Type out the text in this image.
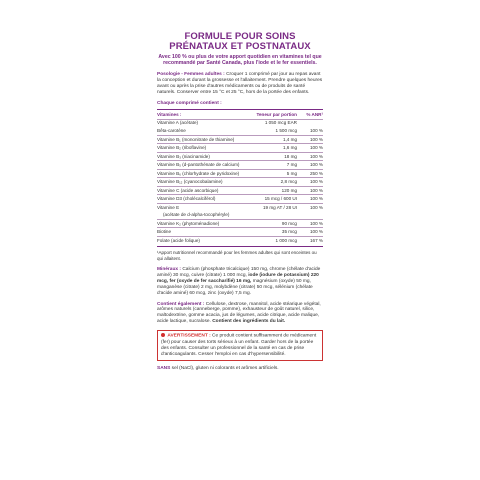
FORMULE POUR SOINS
PRÉNATAUX ET POSTNATAUX
Avec 100 % ou plus de votre apport quotidien en vitamines tel que recommandé par Santé Canada, plus l'iode et le fer essentiels.
Posologie - Femmes adultes : Croquer 1 comprimé par jour au repas avant la conception et durant la grossesse et l'allaitement. Prendre quelques heures avant ou après la prise d'autres médicaments ou de produits de santé naturels. Conserver entre 15 °C et 25 °C, hors de la portée des enfants.
Chaque comprimé contient :
Vitamines :	Teneur par portion	% ANR¹
Vitamine A (acétate)	1 050 mcg EAR	
Bêta-carotène	1 500 mcg	100 %
Vitamine B₁ (mononitrate de thiamine)	1,4 mg	100 %
Vitamine B₂ (riboflavine)	1,6 mg	100 %
Vitamine B₃ (niacinamide)	18 mg	100 %
Vitamine B₅ (d-pantothénate de calcium)	7 mg	100 %
Vitamine B₆ (chlorhydrate de pyridoxine)	5 mg	250 %
Vitamine B₁₂ (cyanocobalamine)	2,8 mcg	100 %
Vitamine C (acide ascorbique)	120 mg	100 %
Vitamine D3 (cholécalciférol)	15 mcg / 600 UI	100 %
Vitamine E	19 mg AT / 28 UI	100 %
(acétate de d-alpha-tocophéryle)		
Vitamine K₂ (phytoménadione)	90 mcg	100 %
Biotine	35 mcg	100 %
Folate (acide folique)	1 000 mcg	167 %
¹Apport nutritionnel recommandé pour les femmes adultes qui sont enceintes ou qui allaitent.
Minéraux : Calcium (phosphate tricalcique) 150 mg, chrome (chélate d'acide aminé) 30 mcg, cuivre (citrate) 1 000 mcg, iode (iodure de potassium) 220 mcg, fer (oxyde de fer saccharifié) 16 mg, magnésium (oxyde) 50 mg, manganèse (citrate) 2 mg, molybdène (citrate) 50 mcg, sélénium (chélate d'acide aminé) 60 mcg, zinc (oxyde) 7,5 mg.
Contient également : Cellulose, dextrose, mannitol, acide stéarique végétal, arômes naturels (canneberge, pomme), exhausteur de goût naturel, silice, maltodextrine, gomme acacia, jus de légumes, acide citrique, acide malique, acide lactique, sucralose. Contient des ingrédients du lait.
AVERTISSEMENT : Ce produit contient suffisamment de médicament (fer) pour causer des torts sérieux à un enfant. Garder hors de la portée des enfants. Consulter un professionnel de la santé en cas de prise d'anticoagulants. Cesser l'emploi en cas d'hypersensibilité.
SANS sel (NaCl), gluten ni colorants et arômes artificiels.
